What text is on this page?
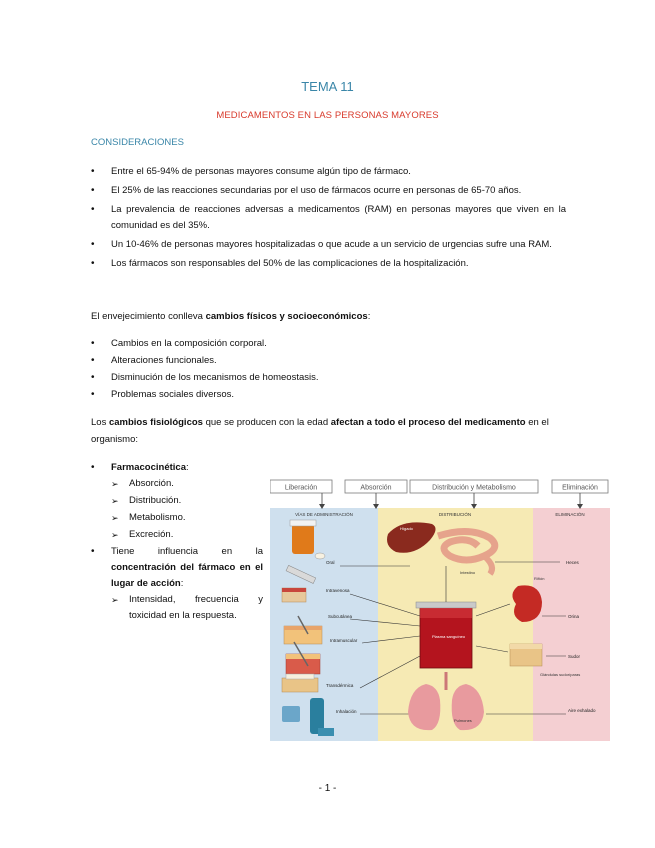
TEMA 11
MEDICAMENTOS EN LAS PERSONAS MAYORES
CONSIDERACIONES
• Entre el 65-94% de personas mayores consume algún tipo de fármaco.
• El 25% de las reacciones secundarias por el uso de fármacos ocurre en personas de 65-70 años.
• La prevalencia de reacciones adversas a medicamentos (RAM) en personas mayores que viven en la comunidad es del 35%.
• Un 10-46% de personas mayores hospitalizadas o que acude a un servicio de urgencias sufre una RAM.
• Los fármacos son responsables del 50% de las complicaciones de la hospitalización.
El envejecimiento conlleva cambios físicos y socioeconómicos:
• Cambios en la composición corporal.
• Alteraciones funcionales.
• Disminución de los mecanismos de homeostasis.
• Problemas sociales diversos.
Los cambios fisiológicos que se producen con la edad afectan a todo el proceso del medicamento en el organismo:
• Farmacocinética:
➢ Absorción.
➢ Distribución.
➢ Metabolismo.
➢ Excreción.
• Tiene influencia en la concentración del fármaco en el lugar de acción:
➢ Intensidad, frecuencia y toxicidad en la respuesta.
Liberación	Absorción	Distribución y Metabolismo	Eliminación
VÍAS DE ADMINISTRACIÓN	DISTRIBUCIÓN	ELIMINACIÓN
Oral
Intravenosa
Subcutánea
Intramuscular
Transdérmica
Inhalación
Hígado
Intestino
Heces
Plasma sanguíneo
Pulmones
Riñón
Orina
Glándulas sudoríparas
Sudor
Aire exhalado
- 1 -
